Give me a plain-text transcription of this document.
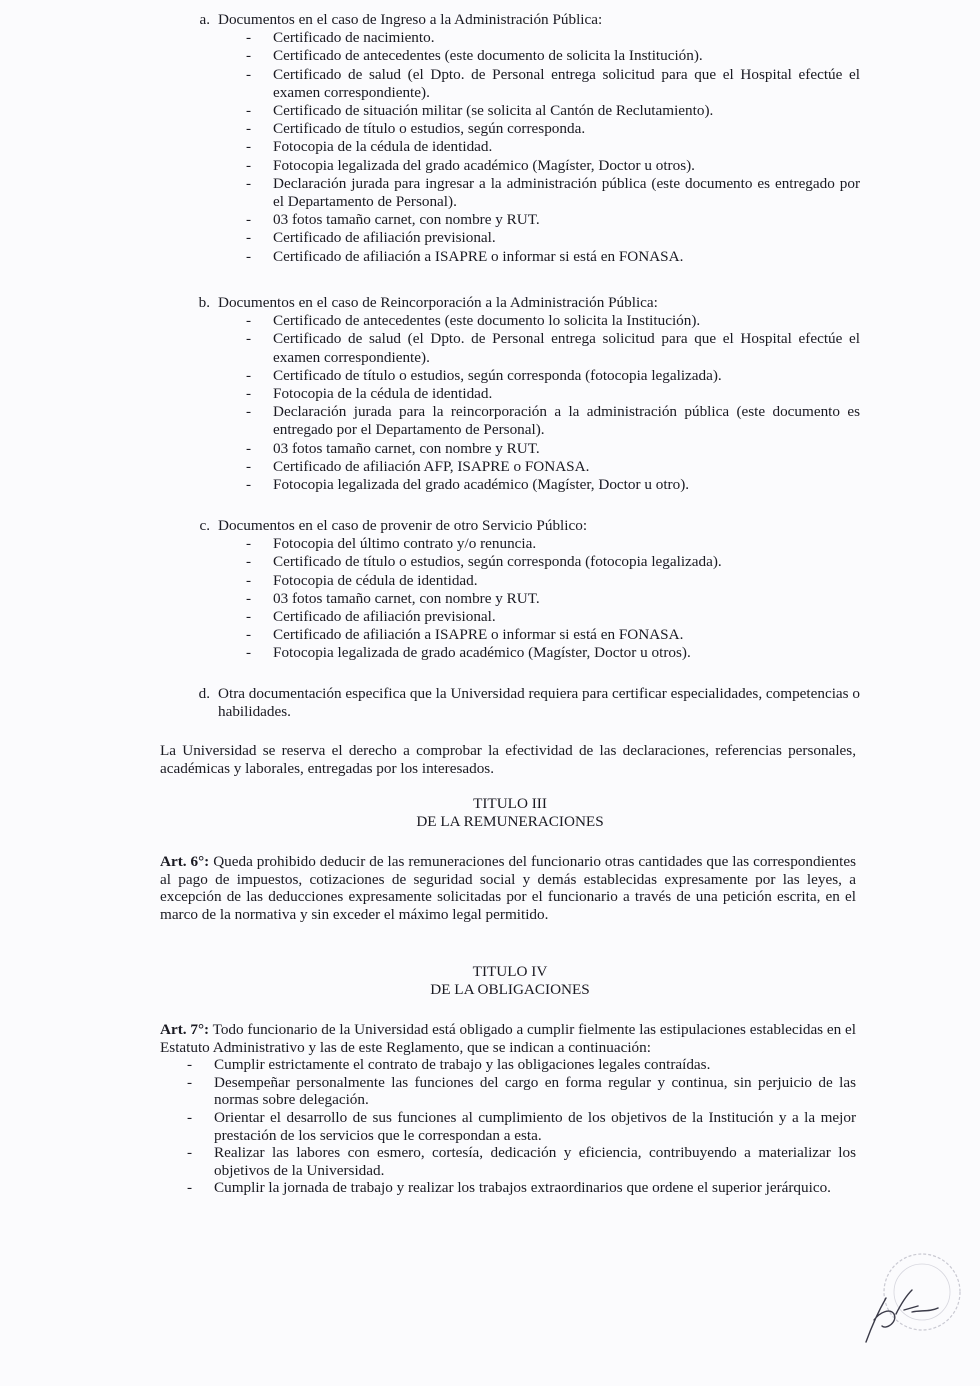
a. Documentos en el caso de Ingreso a la Administración Pública:
-	Certificado de nacimiento.
-	Certificado de antecedentes (este documento de solicita la Institución).
-	Certificado de salud (el Dpto. de Personal entrega solicitud para que el Hospital efectúe el examen correspondiente).
-	Certificado de situación militar (se solicita al Cantón de Reclutamiento).
-	Certificado de título o estudios, según corresponda.
-	Fotocopia de la cédula de identidad.
-	Fotocopia legalizada del grado académico (Magíster, Doctor u otros).
-	Declaración jurada para ingresar a la administración pública (este documento es entregado por el Departamento de Personal).
-	03 fotos tamaño carnet, con nombre y RUT.
-	Certificado de afiliación previsional.
-	Certificado de afiliación a ISAPRE o informar si está en FONASA.
b. Documentos en el caso de Reincorporación a la Administración Pública:
-	Certificado de antecedentes (este documento lo solicita la Institución).
-	Certificado de salud (el Dpto. de Personal entrega solicitud para que el Hospital efectúe el examen correspondiente).
-	Certificado de título o estudios, según corresponda (fotocopia legalizada).
-	Fotocopia de la cédula de identidad.
-	Declaración jurada para la reincorporación a la administración pública (este documento es entregado por el Departamento de Personal).
-	03 fotos tamaño carnet, con nombre y RUT.
-	Certificado de afiliación AFP, ISAPRE o FONASA.
-	Fotocopia legalizada del grado académico (Magíster, Doctor u otro).
c. Documentos en el caso de provenir de otro Servicio Público:
-	Fotocopia del último contrato y/o renuncia.
-	Certificado de título o estudios, según corresponda (fotocopia legalizada).
-	Fotocopia de cédula de identidad.
-	03 fotos tamaño carnet, con nombre y RUT.
-	Certificado de afiliación previsional.
-	Certificado de afiliación a ISAPRE o informar si está en FONASA.
-	Fotocopia legalizada de grado académico (Magíster, Doctor u otros).
d. Otra documentación especifica que la Universidad requiera para certificar especialidades, competencias o habilidades.
La Universidad se reserva el derecho a comprobar la efectividad de las declaraciones, referencias personales, académicas y laborales, entregadas por los interesados.
TITULO III
DE LA REMUNERACIONES
Art. 6°: Queda prohibido deducir de las remuneraciones del funcionario otras cantidades que las correspondientes al pago de impuestos, cotizaciones de seguridad social y demás establecidas expresamente por las leyes, a excepción de las deducciones expresamente solicitadas por el funcionario a través de una petición escrita, en el marco de la normativa y sin exceder el máximo legal permitido.
TITULO IV
DE LA OBLIGACIONES
Art. 7°: Todo funcionario de la Universidad está obligado a cumplir fielmente las estipulaciones establecidas en el Estatuto Administrativo y las de este Reglamento, que se indican a continuación:
-	Cumplir estrictamente el contrato de trabajo y las obligaciones legales contraídas.
-	Desempeñar personalmente las funciones del cargo en forma regular y continua, sin perjuicio de las normas sobre delegación.
-	Orientar el desarrollo de sus funciones al cumplimiento de los objetivos de la Institución y a la mejor prestación de los servicios que le correspondan a esta.
-	Realizar las labores con esmero, cortesía, dedicación y eficiencia, contribuyendo a materializar los objetivos de la Universidad.
-	Cumplir la jornada de trabajo y realizar los trabajos extraordinarios que ordene el superior jerárquico.
